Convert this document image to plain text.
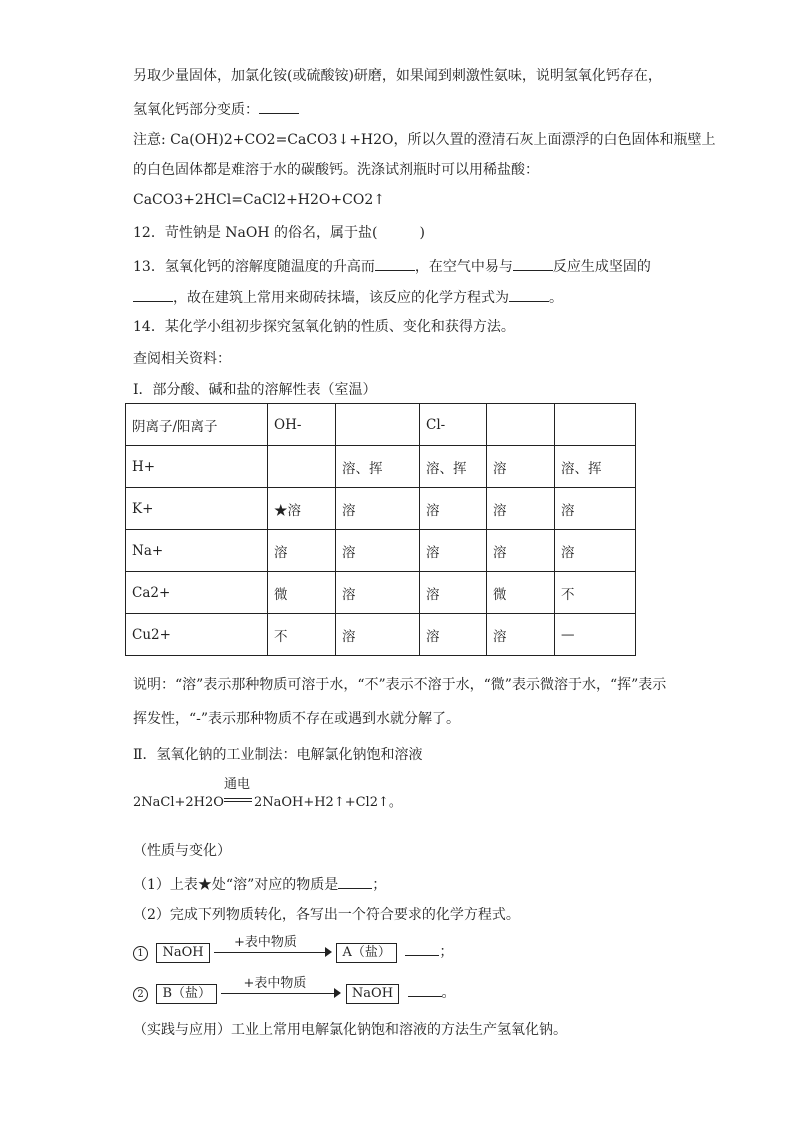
另取少量固体，加氯化铵(或硫酸铵)研磨，如果闻到刺激性氨味，说明氢氧化钙存在，
氢氧化钙部分变质：
注意: Ca(OH)2+CO2=CaCO3↓+H2O，所以久置的澄清石灰上面漂浮的白色固体和瓶壁上
的白色固体都是难溶于水的碳酸钙。洗涤试剂瓶时可以用稀盐酸：
CaCO3+2HCl=CaCl2+H2O+CO2↑
12．苛性钠是 NaOH 的俗名，属于盐(　　　)
13．氢氧化钙的溶解度随温度的升高而	，在空气中易与	反应生成坚固的
，故在建筑上常用来砌砖抹墙，该反应的化学方程式为	。
14．某化学小组初步探究氢氧化钠的性质、变化和获得方法。
查阅相关资料：
Ⅰ．部分酸、碱和盐的溶解性表（室温）
阴离子/阳离子	OH-		Cl-		
H+		溶、挥	溶、挥	溶	溶、挥
K+	★溶	溶	溶	溶	溶
Na+	溶	溶	溶	溶	溶
Ca2+	微	溶	溶	微	不
Cu2+	不	溶	溶	溶	—
说明：“溶”表示那种物质可溶于水，“不”表示不溶于水，“微”表示微溶于水，“挥”表示
挥发性，“-”表示那种物质不存在或遇到水就分解了。
Ⅱ．氢氧化钠的工业制法：电解氯化钠饱和溶液
2NaCl+2H2O
通电
2NaOH+H2↑+Cl2↑。
（性质与变化）
（1）上表★处“溶”对应的物质是 ；
（2）完成下列物质转化，各写出一个符合要求的化学方程式。
1 NaOH
+表中物质
A（盐）	；
2 B（盐）
+表中物质
NaOH	。
（实践与应用）工业上常用电解氯化钠饱和溶液的方法生产氢氧化钠。
